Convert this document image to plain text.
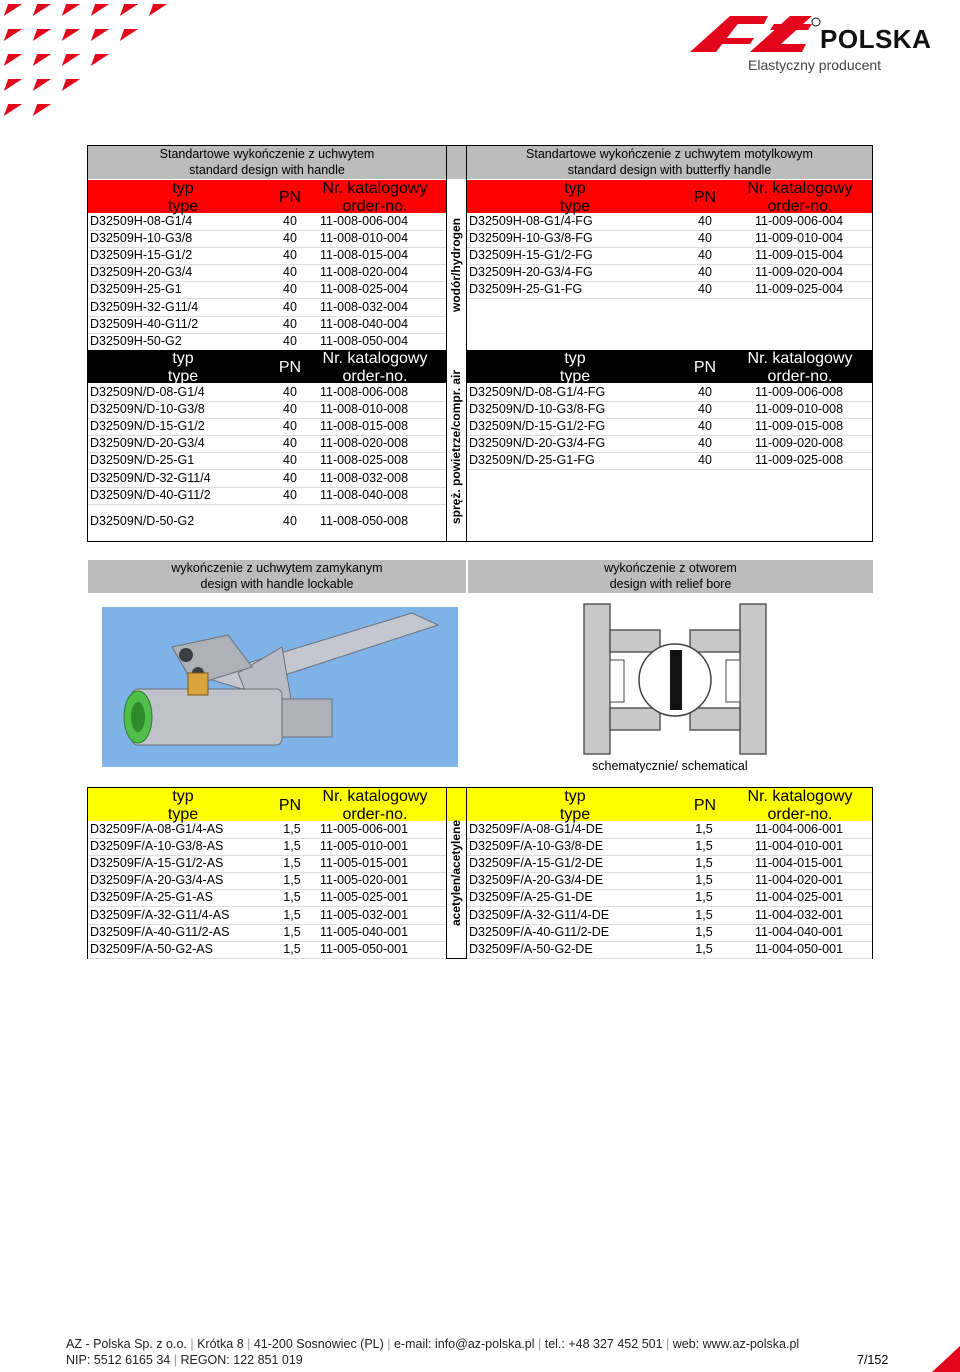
POLSKA
Elastyczny producent
Standartowe wykończenie z uchwytem
standard design with handle
Standartowe wykończenie z uchwytem motylkowym
standard design with butterfly handle
typ
type
PN
Nr. katalogowy
order-no.
typ
type
PN
Nr. katalogowy
order-no.
D32509H-08-G1/4	40	11-008-006-004
D32509H-10-G3/8	40	11-008-010-004
D32509H-15-G1/2	40	11-008-015-004
D32509H-20-G3/4	40	11-008-020-004
D32509H-25-G1	40	11-008-025-004
D32509H-32-G11/4	40	11-008-032-004
D32509H-40-G11/2	40	11-008-040-004
D32509H-50-G2	40	11-008-050-004
D32509H-08-G1/4-FG	40	11-009-006-004
D32509H-10-G3/8-FG	40	11-009-010-004
D32509H-15-G1/2-FG	40	11-009-015-004
D32509H-20-G3/4-FG	40	11-009-020-004
D32509H-25-G1-FG	40	11-009-025-004
wodór/hydrogen
typ
type
PN
Nr. katalogowy
order-no.
typ
type
PN
Nr. katalogowy
order-no.
D32509N/D-08-G1/4	40	11-008-006-008
D32509N/D-10-G3/8	40	11-008-010-008
D32509N/D-15-G1/2	40	11-008-015-008
D32509N/D-20-G3/4	40	11-008-020-008
D32509N/D-25-G1	40	11-008-025-008
D32509N/D-32-G11/4	40	11-008-032-008
D32509N/D-40-G11/2	40	11-008-040-008
D32509N/D-50-G2	40	11-008-050-008
D32509N/D-08-G1/4-FG	40	11-009-006-008
D32509N/D-10-G3/8-FG	40	11-009-010-008
D32509N/D-15-G1/2-FG	40	11-009-015-008
D32509N/D-20-G3/4-FG	40	11-009-020-008
D32509N/D-25-G1-FG	40	11-009-025-008
spręż. powietrze/compr. air
wykończenie z uchwytem zamykanym
design with handle lockable
wykończenie z otworem
design with relief bore
schematycznie/ schematical
typ
type
PN
Nr. katalogowy
order-no.
typ
type
PN
Nr. katalogowy
order-no.
D32509F/A-08-G1/4-AS	1,5	11-005-006-001
D32509F/A-10-G3/8-AS	1,5	11-005-010-001
D32509F/A-15-G1/2-AS	1,5	11-005-015-001
D32509F/A-20-G3/4-AS	1,5	11-005-020-001
D32509F/A-25-G1-AS	1,5	11-005-025-001
D32509F/A-32-G11/4-AS	1,5	11-005-032-001
D32509F/A-40-G11/2-AS	1,5	11-005-040-001
D32509F/A-50-G2-AS	1,5	11-005-050-001
D32509F/A-08-G1/4-DE	1,5	11-004-006-001
D32509F/A-10-G3/8-DE	1,5	11-004-010-001
D32509F/A-15-G1/2-DE	1,5	11-004-015-001
D32509F/A-20-G3/4-DE	1,5	11-004-020-001
D32509F/A-25-G1-DE	1,5	11-004-025-001
D32509F/A-32-G11/4-DE	1,5	11-004-032-001
D32509F/A-40-G11/2-DE	1,5	11-004-040-001
D32509F/A-50-G2-DE	1,5	11-004-050-001
acetylen/acetylene
AZ - Polska Sp. z o.o. | Krótka 8 | 41-200 Sosnowiec (PL) | e-mail: info@az-polska.pl | tel.: +48 327 452 501 | web: www.az-polska.pl
NIP: 5512 6165 34 | REGON: 122 851 019	7/152
